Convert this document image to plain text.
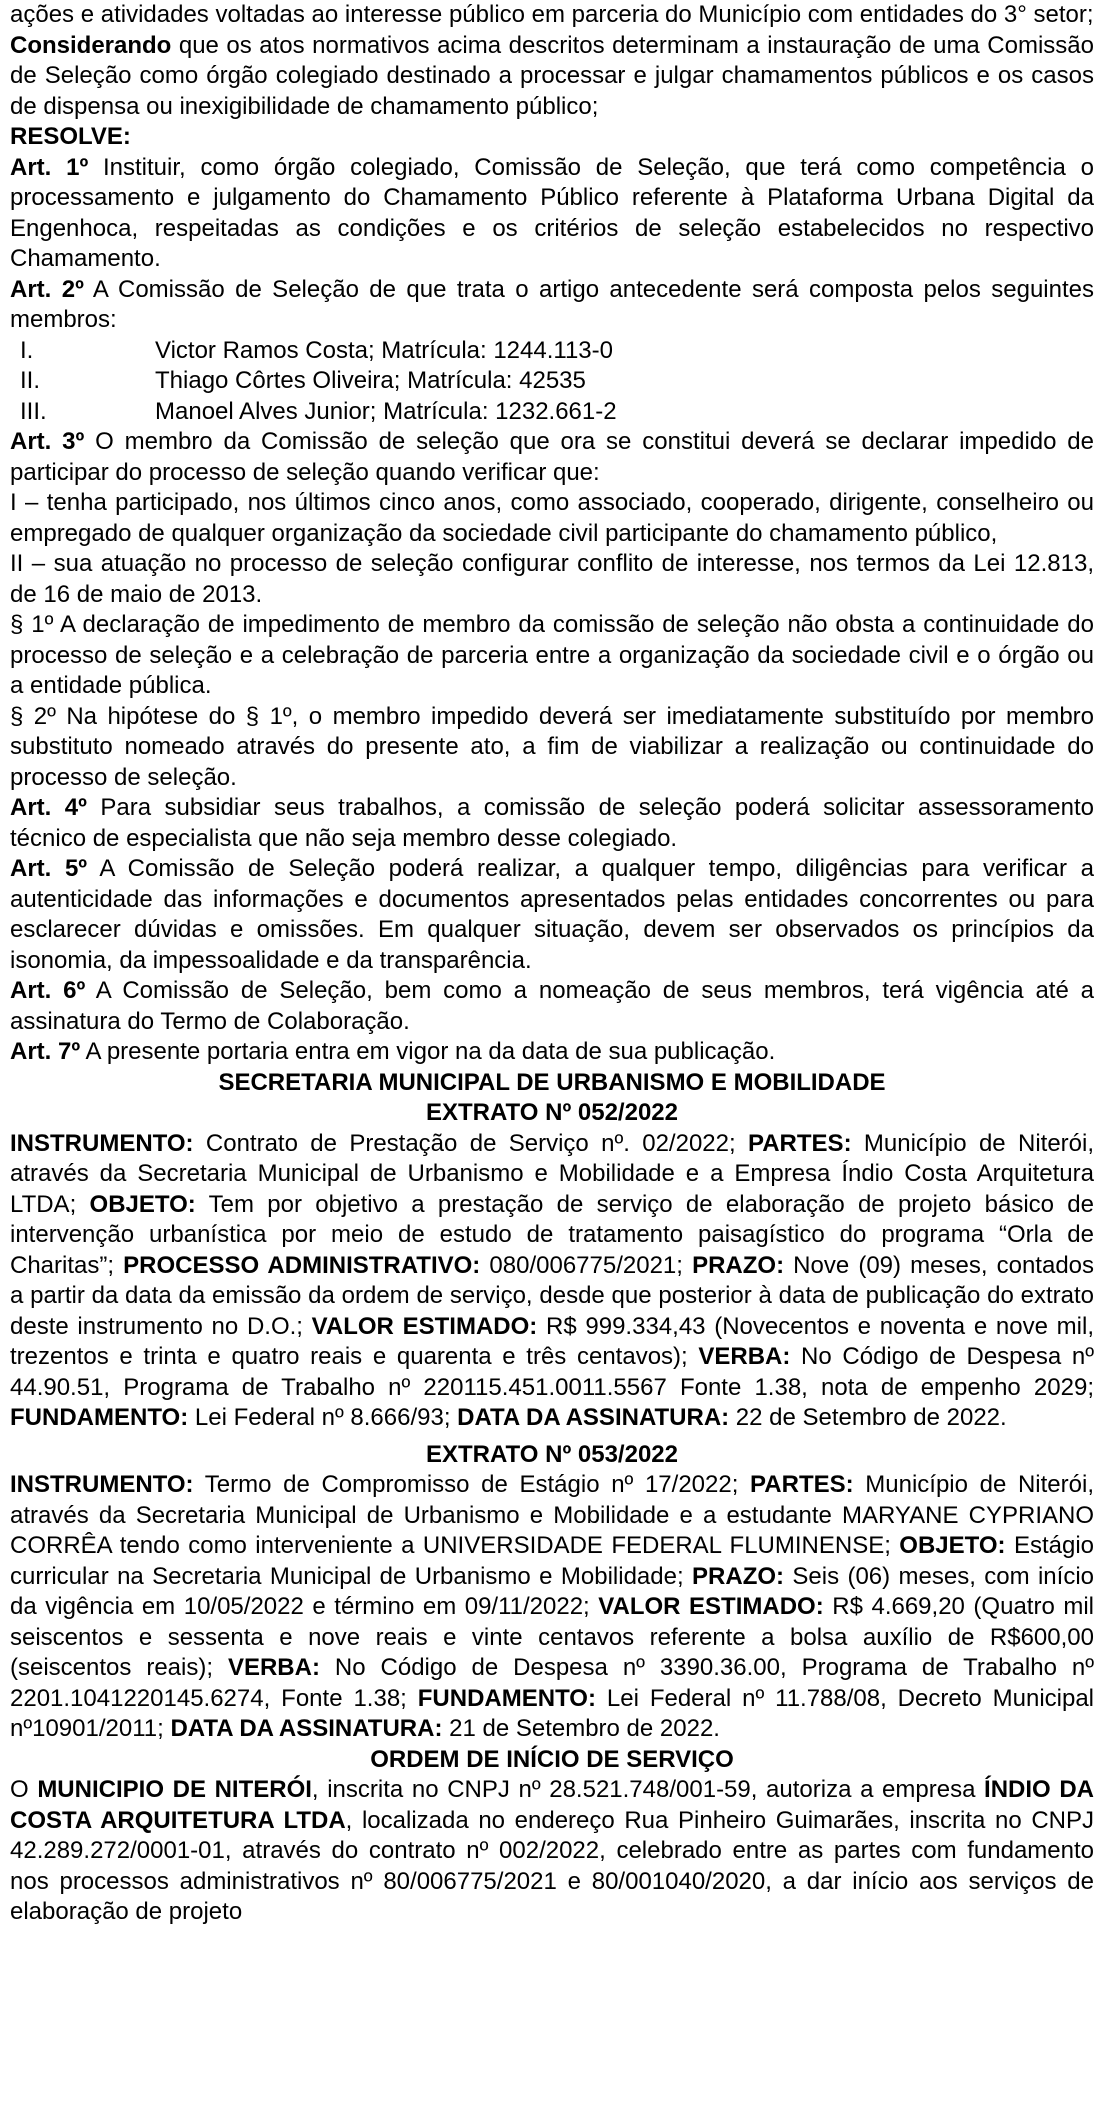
ações e atividades voltadas ao interesse público em parceria do Município com entidades do 3° setor;

Considerando que os atos normativos acima descritos determinam a instauração de uma Comissão de Seleção como órgão colegiado destinado a processar e julgar chamamentos públicos e os casos de dispensa ou inexigibilidade de chamamento público;

RESOLVE:

Art. 1º Instituir, como órgão colegiado, Comissão de Seleção, que terá como competência o processamento e julgamento do Chamamento Público referente à Plataforma Urbana Digital da Engenhoca, respeitadas as condições e os critérios de seleção estabelecidos no respectivo Chamamento.

Art. 2º A Comissão de Seleção de que trata o artigo antecedente será composta pelos seguintes membros:

I.	Victor Ramos Costa; Matrícula: 1244.113-0
II.	Thiago Côrtes Oliveira; Matrícula: 42535
III.	Manoel Alves Junior; Matrícula: 1232.661-2

Art. 3º O membro da Comissão de seleção que ora se constitui deverá se declarar impedido de participar do processo de seleção quando verificar que:

I – tenha participado, nos últimos cinco anos, como associado, cooperado, dirigente, conselheiro ou empregado de qualquer organização da sociedade civil participante do chamamento público,

II – sua atuação no processo de seleção configurar conflito de interesse, nos termos da Lei 12.813, de 16 de maio de 2013.

§ 1º A declaração de impedimento de membro da comissão de seleção não obsta a continuidade do processo de seleção e a celebração de parceria entre a organização da sociedade civil e o órgão ou a entidade pública.

§ 2º Na hipótese do § 1º, o membro impedido deverá ser imediatamente substituído por membro substituto nomeado através do presente ato, a fim de viabilizar a realização ou continuidade do processo de seleção.

Art. 4º Para subsidiar seus trabalhos, a comissão de seleção poderá solicitar assessoramento técnico de especialista que não seja membro desse colegiado.

Art. 5º A Comissão de Seleção poderá realizar, a qualquer tempo, diligências para verificar a autenticidade das informações e documentos apresentados pelas entidades concorrentes ou para esclarecer dúvidas e omissões. Em qualquer situação, devem ser observados os princípios da isonomia, da impessoalidade e da transparência.

Art. 6º A Comissão de Seleção, bem como a nomeação de seus membros, terá vigência até a assinatura do Termo de Colaboração.

Art. 7º A presente portaria entra em vigor na da data de sua publicação.

SECRETARIA MUNICIPAL DE URBANISMO E MOBILIDADE

EXTRATO Nº 052/2022

INSTRUMENTO: Contrato de Prestação de Serviço nº. 02/2022; PARTES: Município de Niterói, através da Secretaria Municipal de Urbanismo e Mobilidade e a Empresa Índio Costa Arquitetura LTDA; OBJETO: Tem por objetivo a prestação de serviço de elaboração de projeto básico de intervenção urbanística por meio de estudo de tratamento paisagístico do programa “Orla de Charitas”; PROCESSO ADMINISTRATIVO: 080/006775/2021; PRAZO: Nove (09) meses, contados a partir da data da emissão da ordem de serviço, desde que posterior à data de publicação do extrato deste instrumento no D.O.; VALOR ESTIMADO: R$ 999.334,43 (Novecentos e noventa e nove mil, trezentos e trinta e quatro reais e quarenta e três centavos); VERBA: No Código de Despesa nº 44.90.51, Programa de Trabalho nº 220115.451.0011.5567 Fonte 1.38, nota de empenho 2029; FUNDAMENTO: Lei Federal nº 8.666/93; DATA DA ASSINATURA: 22 de Setembro de 2022.

EXTRATO Nº 053/2022

INSTRUMENTO: Termo de Compromisso de Estágio nº 17/2022; PARTES: Município de Niterói, através da Secretaria Municipal de Urbanismo e Mobilidade e a estudante MARYANE CYPRIANO CORRÊA tendo como interveniente a UNIVERSIDADE FEDERAL FLUMINENSE; OBJETO: Estágio curricular na Secretaria Municipal de Urbanismo e Mobilidade; PRAZO: Seis (06) meses, com início da vigência em 10/05/2022 e término em 09/11/2022; VALOR ESTIMADO: R$ 4.669,20 (Quatro mil seiscentos e sessenta e nove reais e vinte centavos referente a bolsa auxílio de R$600,00 (seiscentos reais); VERBA: No Código de Despesa nº 3390.36.00, Programa de Trabalho nº 2201.1041220145.6274, Fonte 1.38; FUNDAMENTO: Lei Federal nº 11.788/08, Decreto Municipal nº10901/2011; DATA DA ASSINATURA: 21 de Setembro de 2022.

ORDEM DE INÍCIO DE SERVIÇO

O MUNICIPIO DE NITERÓI, inscrita no CNPJ nº 28.521.748/001-59, autoriza a empresa ÍNDIO DA COSTA ARQUITETURA LTDA, localizada no endereço Rua Pinheiro Guimarães, inscrita no CNPJ 42.289.272/0001-01, através do contrato nº 002/2022, celebrado entre as partes com fundamento nos processos administrativos nº 80/006775/2021 e 80/001040/2020, a dar início aos serviços de elaboração de projeto
